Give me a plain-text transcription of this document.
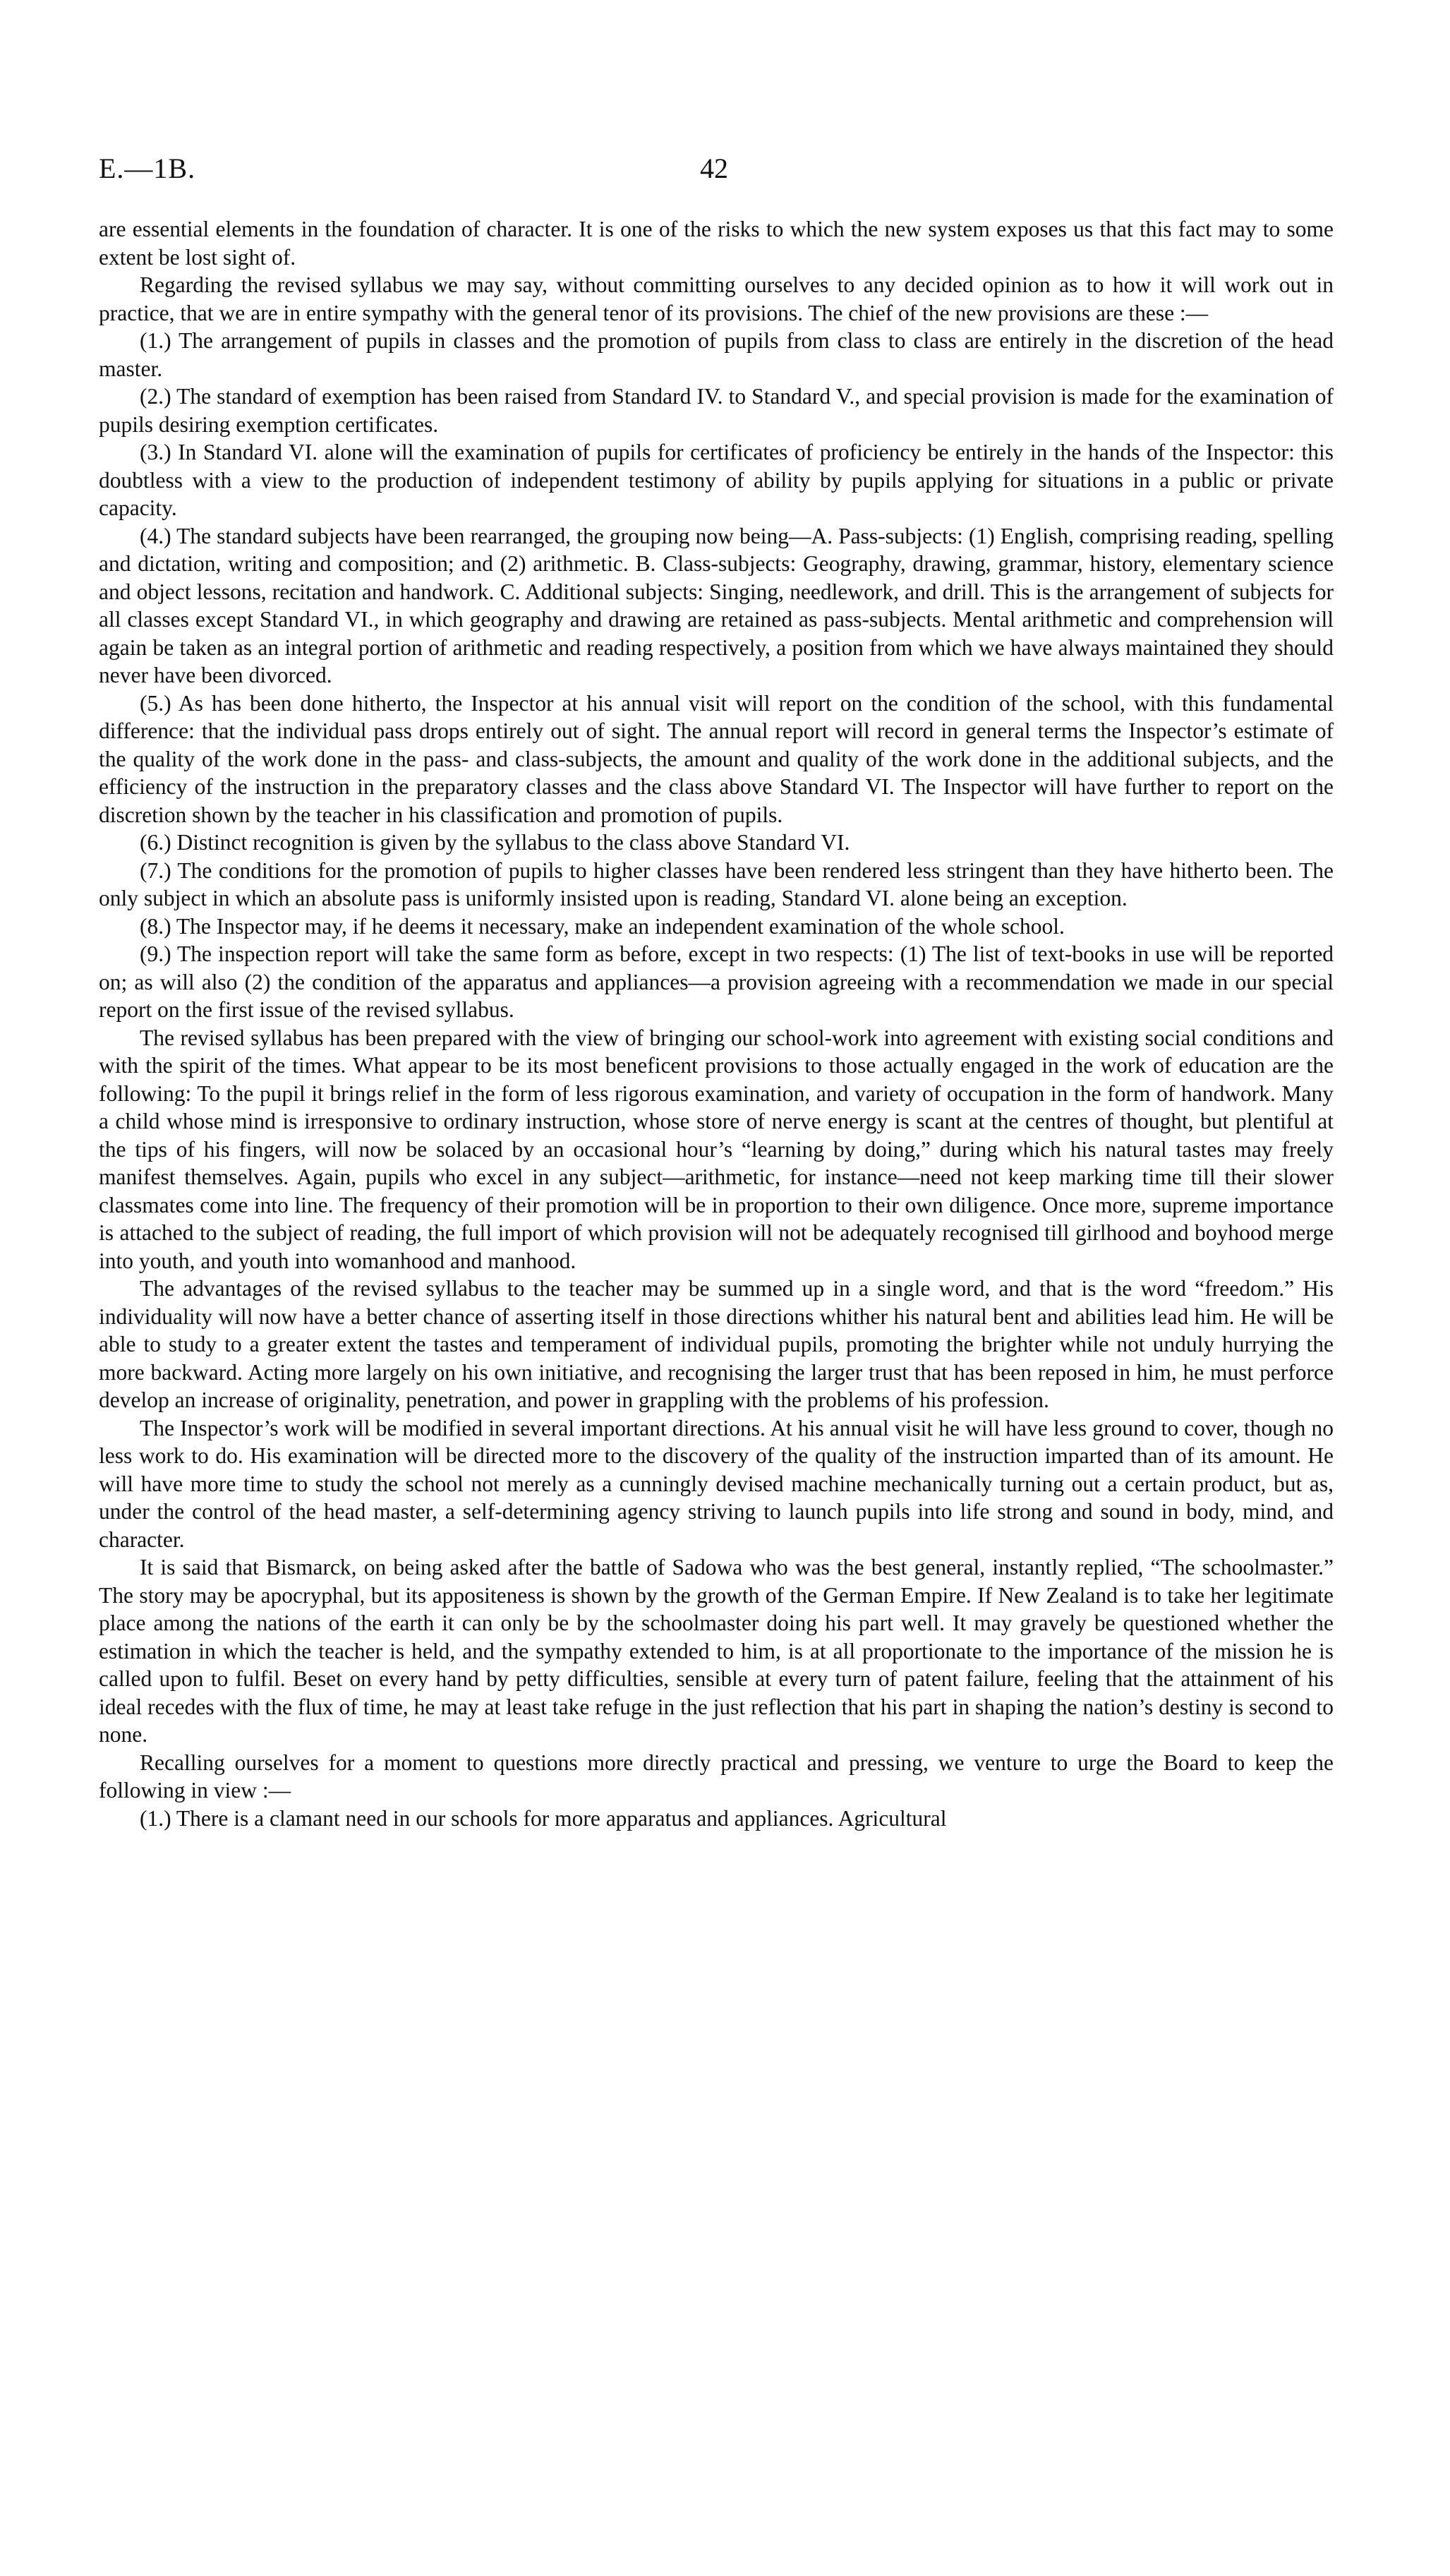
E.—1B.	42

are essential elements in the foundation of character. It is one of the risks to which the new system exposes us that this fact may to some extent be lost sight of.

Regarding the revised syllabus we may say, without committing ourselves to any decided opinion as to how it will work out in practice, that we are in entire sympathy with the general tenor of its provisions. The chief of the new provisions are these :—

(1.) The arrangement of pupils in classes and the promotion of pupils from class to class are entirely in the discretion of the head master.

(2.) The standard of exemption has been raised from Standard IV. to Standard V., and special provision is made for the examination of pupils desiring exemption certificates.

(3.) In Standard VI. alone will the examination of pupils for certificates of proficiency be entirely in the hands of the Inspector: this doubtless with a view to the production of independent testimony of ability by pupils applying for situations in a public or private capacity.

(4.) The standard subjects have been rearranged, the grouping now being—A. Pass-subjects: (1) English, comprising reading, spelling and dictation, writing and composition; and (2) arithmetic. B. Class-subjects: Geography, drawing, grammar, history, elementary science and object lessons, recitation and handwork. C. Additional subjects: Singing, needlework, and drill. This is the arrangement of subjects for all classes except Standard VI., in which geography and drawing are retained as pass-subjects. Mental arithmetic and comprehension will again be taken as an integral portion of arithmetic and reading respectively, a position from which we have always maintained they should never have been divorced.

(5.) As has been done hitherto, the Inspector at his annual visit will report on the condition of the school, with this fundamental difference: that the individual pass drops entirely out of sight. The annual report will record in general terms the Inspector’s estimate of the quality of the work done in the pass- and class-subjects, the amount and quality of the work done in the additional subjects, and the efficiency of the instruction in the preparatory classes and the class above Standard VI. The Inspector will have further to report on the discretion shown by the teacher in his classification and promotion of pupils.

(6.) Distinct recognition is given by the syllabus to the class above Standard VI.

(7.) The conditions for the promotion of pupils to higher classes have been rendered less stringent than they have hitherto been. The only subject in which an absolute pass is uniformly insisted upon is reading, Standard VI. alone being an exception.

(8.) The Inspector may, if he deems it necessary, make an independent examination of the whole school.

(9.) The inspection report will take the same form as before, except in two respects: (1) The list of text-books in use will be reported on; as will also (2) the condition of the apparatus and appliances—a provision agreeing with a recommendation we made in our special report on the first issue of the revised syllabus.

The revised syllabus has been prepared with the view of bringing our school-work into agreement with existing social conditions and with the spirit of the times. What appear to be its most beneficent provisions to those actually engaged in the work of education are the following: To the pupil it brings relief in the form of less rigorous examination, and variety of occupation in the form of handwork. Many a child whose mind is irresponsive to ordinary instruction, whose store of nerve energy is scant at the centres of thought, but plentiful at the tips of his fingers, will now be solaced by an occasional hour’s “learning by doing,” during which his natural tastes may freely manifest themselves. Again, pupils who excel in any subject—arithmetic, for instance—need not keep marking time till their slower classmates come into line. The frequency of their promotion will be in proportion to their own diligence. Once more, supreme importance is attached to the subject of reading, the full import of which provision will not be adequately recognised till girlhood and boyhood merge into youth, and youth into womanhood and manhood.

The advantages of the revised syllabus to the teacher may be summed up in a single word, and that is the word “freedom.” His individuality will now have a better chance of asserting itself in those directions whither his natural bent and abilities lead him. He will be able to study to a greater extent the tastes and temperament of individual pupils, promoting the brighter while not unduly hurrying the more backward. Acting more largely on his own initiative, and recognising the larger trust that has been reposed in him, he must perforce develop an increase of originality, penetration, and power in grappling with the problems of his profession.

The Inspector’s work will be modified in several important directions. At his annual visit he will have less ground to cover, though no less work to do. His examination will be directed more to the discovery of the quality of the instruction imparted than of its amount. He will have more time to study the school not merely as a cunningly devised machine mechanically turning out a certain product, but as, under the control of the head master, a self-determining agency striving to launch pupils into life strong and sound in body, mind, and character.

It is said that Bismarck, on being asked after the battle of Sadowa who was the best general, instantly replied, “The schoolmaster.” The story may be apocryphal, but its appositeness is shown by the growth of the German Empire. If New Zealand is to take her legitimate place among the nations of the earth it can only be by the schoolmaster doing his part well. It may gravely be questioned whether the estimation in which the teacher is held, and the sympathy extended to him, is at all proportionate to the importance of the mission he is called upon to fulfil. Beset on every hand by petty difficulties, sensible at every turn of patent failure, feeling that the attainment of his ideal recedes with the flux of time, he may at least take refuge in the just reflection that his part in shaping the nation’s destiny is second to none.

Recalling ourselves for a moment to questions more directly practical and pressing, we venture to urge the Board to keep the following in view :—

(1.) There is a clamant need in our schools for more apparatus and appliances. Agricultural
